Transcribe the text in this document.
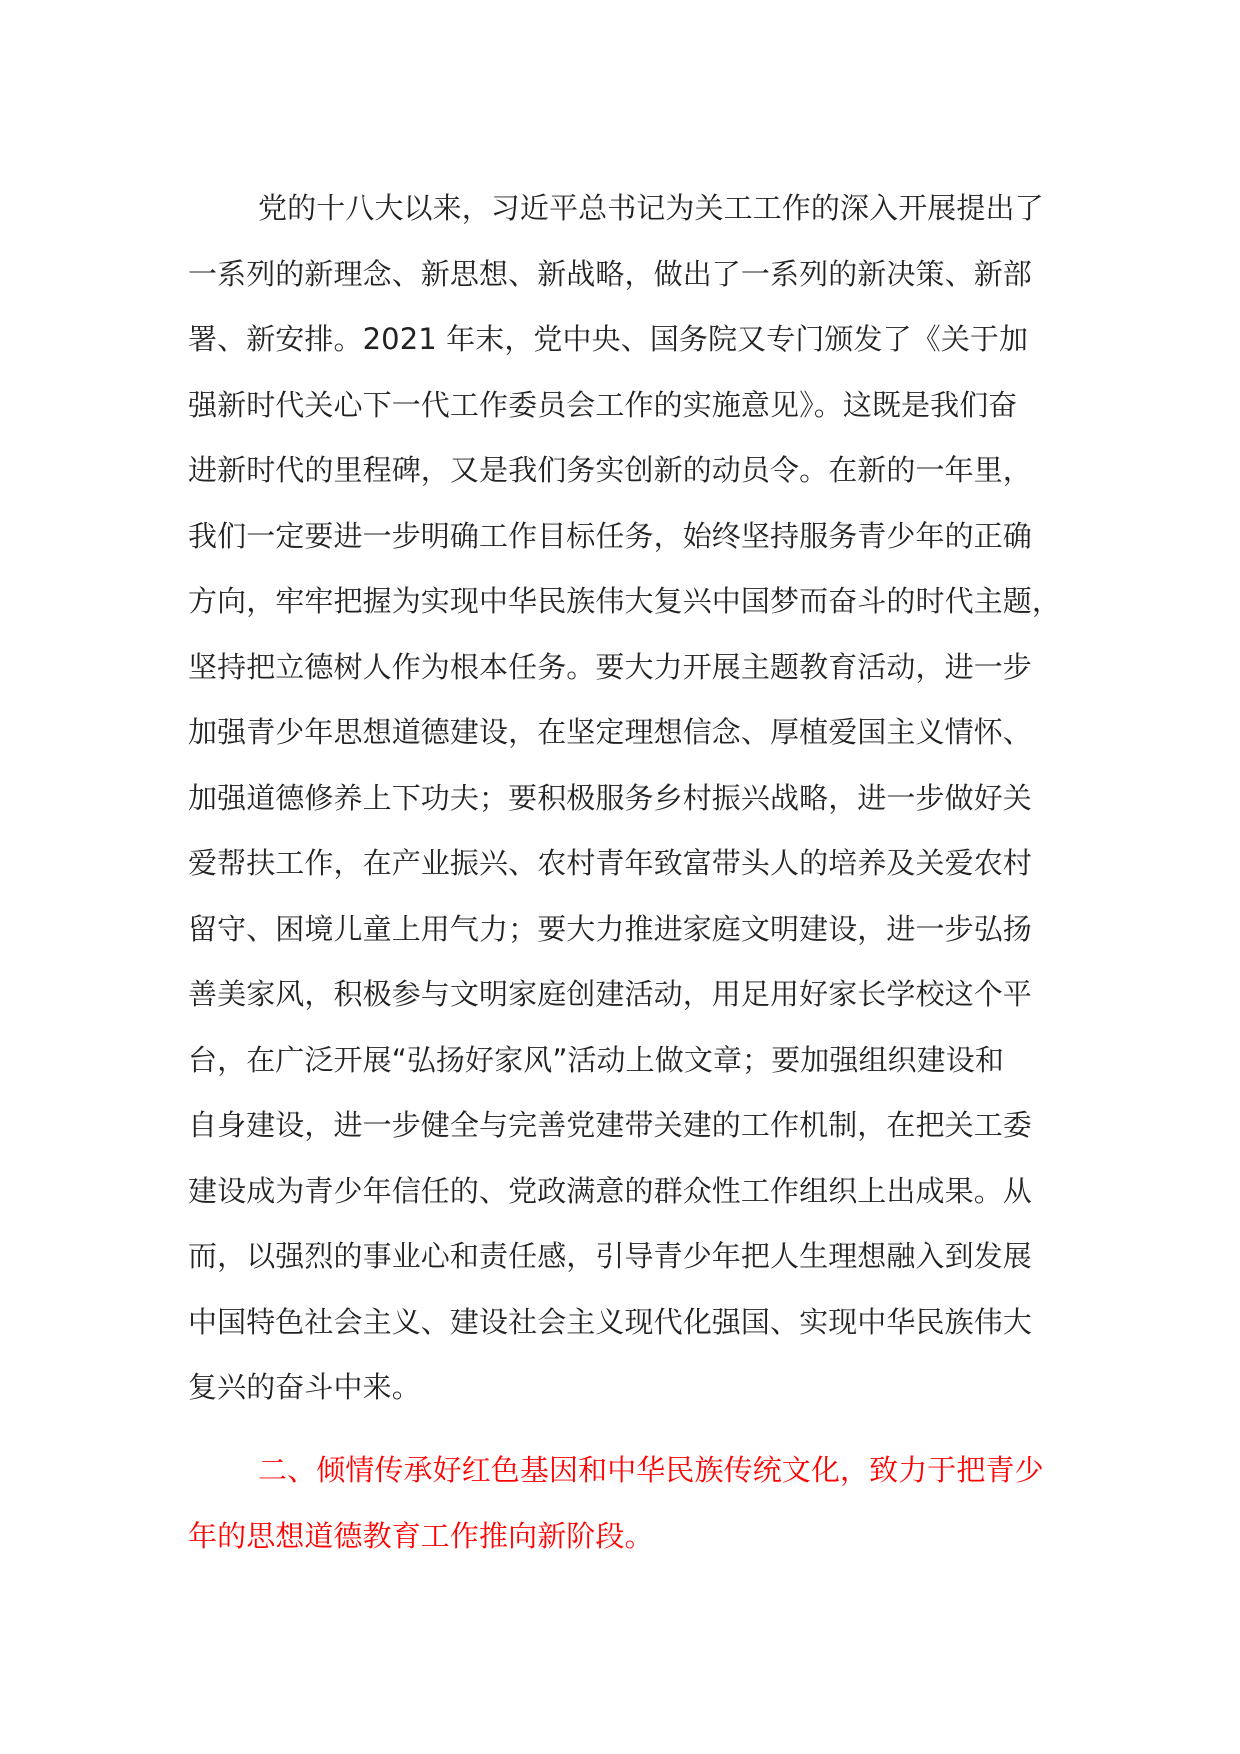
党的十八大以来，习近平总书记为关工工作的深入开展提出了
一系列的新理念、新思想、新战略，做出了一系列的新决策、新部
署、新安排。2021 年末，党中央、国务院又专门颁发了《关于加
强新时代关心下一代工作委员会工作的实施意见》。这既是我们奋
进新时代的里程碑，又是我们务实创新的动员令。在新的一年里，
我们一定要进一步明确工作目标任务，始终坚持服务青少年的正确
方向，牢牢把握为实现中华民族伟大复兴中国梦而奋斗的时代主题，
坚持把立德树人作为根本任务。要大力开展主题教育活动，进一步
加强青少年思想道德建设，在坚定理想信念、厚植爱国主义情怀、
加强道德修养上下功夫；要积极服务乡村振兴战略，进一步做好关
爱帮扶工作，在产业振兴、农村青年致富带头人的培养及关爱农村
留守、困境儿童上用气力；要大力推进家庭文明建设，进一步弘扬
善美家风，积极参与文明家庭创建活动，用足用好家长学校这个平
台，在广泛开展“弘扬好家风”活动上做文章；要加强组织建设和
自身建设，进一步健全与完善党建带关建的工作机制，在把关工委
建设成为青少年信任的、党政满意的群众性工作组织上出成果。从
而，以强烈的事业心和责任感，引导青少年把人生理想融入到发展
中国特色社会主义、建设社会主义现代化强国、实现中华民族伟大
复兴的奋斗中来。
二、倾情传承好红色基因和中华民族传统文化，致力于把青少
年的思想道德教育工作推向新阶段。
